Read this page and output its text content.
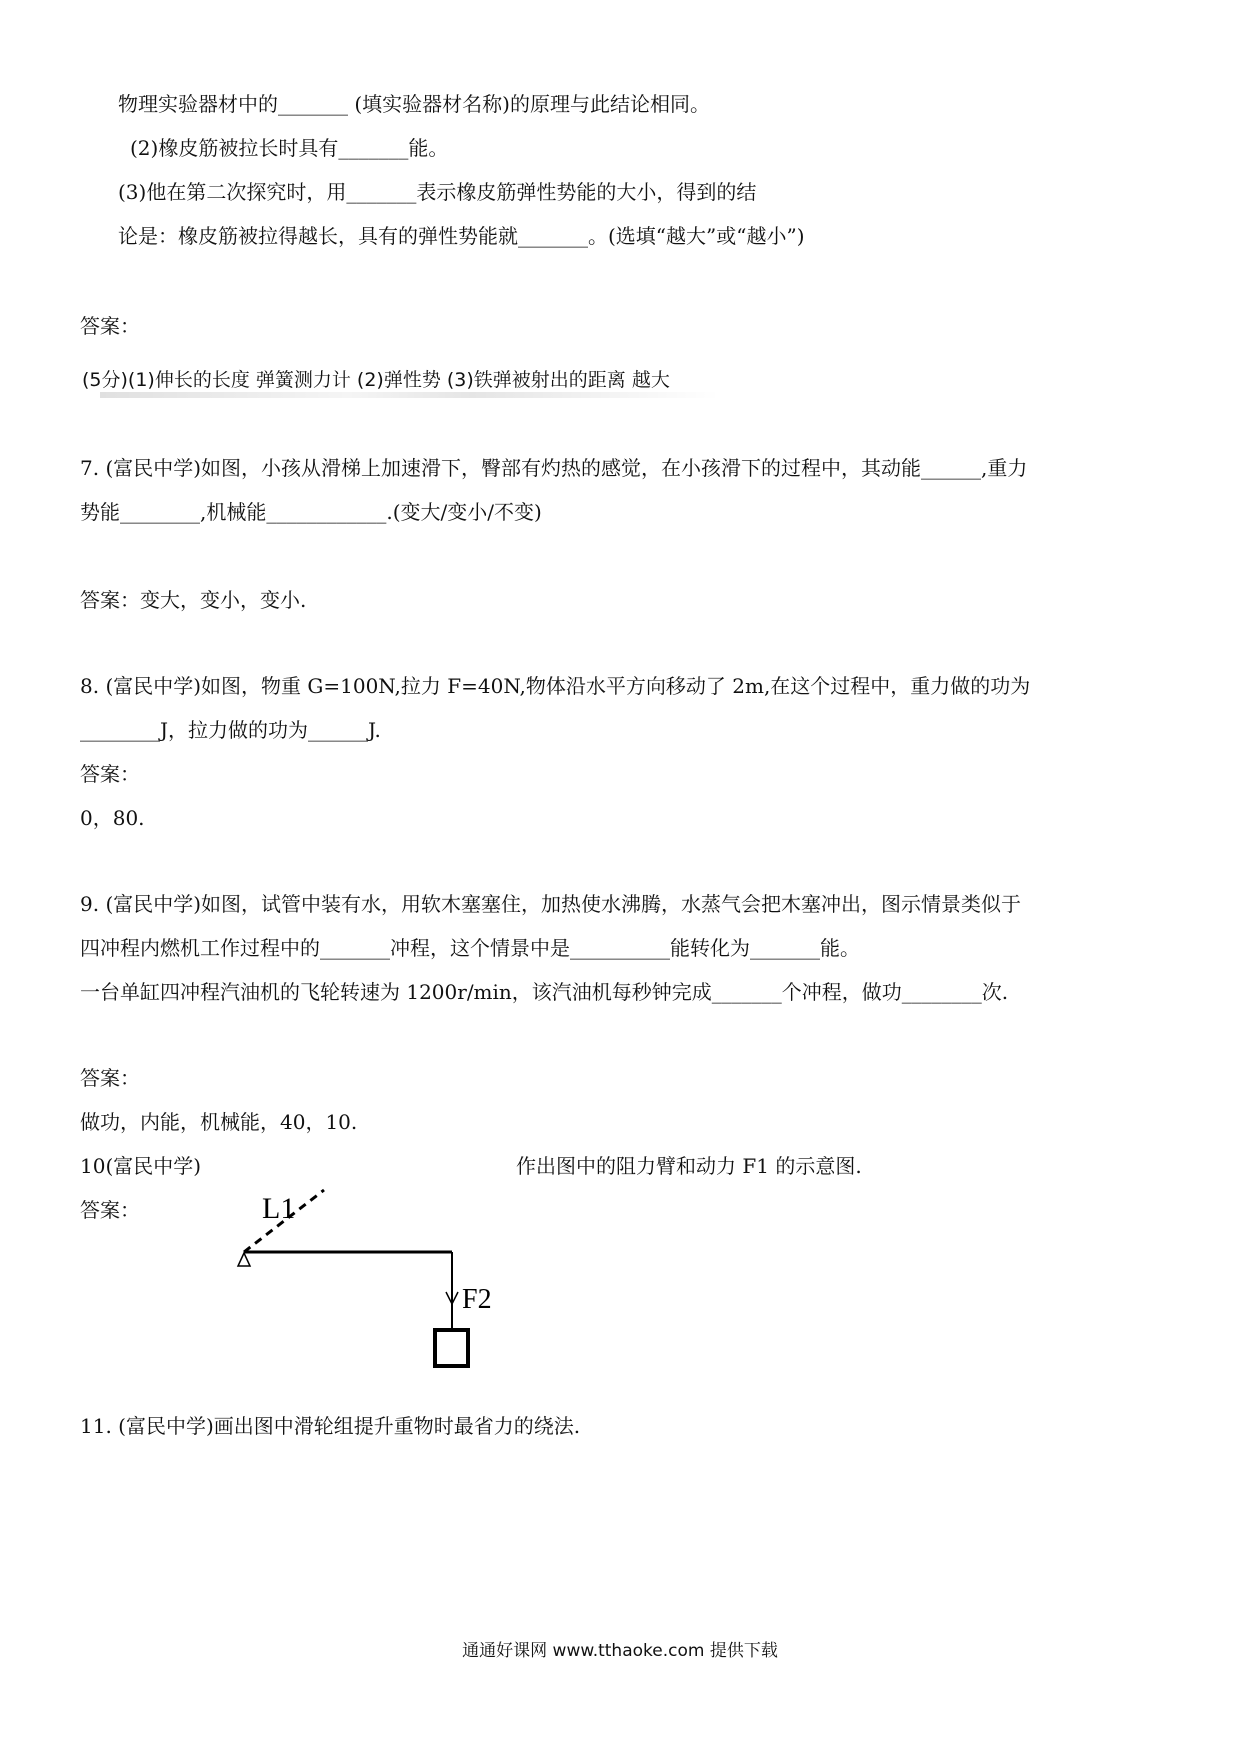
物理实验器材中的_______ (填实验器材名称)的原理与此结论相同。
(2)橡皮筋被拉长时具有_______能。
(3)他在第二次探究时，用_______表示橡皮筋弹性势能的大小，得到的结
论是：橡皮筋被拉得越长，具有的弹性势能就_______。(选填“越大”或“越小”)
答案：
(5分)(1)伸长的长度 弹簧测力计 (2)弹性势 (3)铁弹被射出的距离 越大
7. (富民中学)如图，小孩从滑梯上加速滑下，臀部有灼热的感觉，在小孩滑下的过程中，其动能______,重力
势能________,机械能____________.(变大/变小/不变)
答案：变大，变小，变小.
8. (富民中学)如图，物重 G=100N,拉力 F=40N,物体沿水平方向移动了 2m,在这个过程中，重力做的功为
________J，拉力做的功为______J.
答案：
0，80.
9. (富民中学)如图，试管中装有水，用软木塞塞住，加热使水沸腾，水蒸气会把木塞冲出，图示情景类似于
四冲程内燃机工作过程中的_______冲程，这个情景中是__________能转化为_______能。
一台单缸四冲程汽油机的飞轮转速为 1200r/min，该汽油机每秒钟完成_______个冲程，做功________次.
答案：
做功，内能，机械能，40，10.
10(富民中学)	作出图中的阻力臂和动力 F1 的示意图.
答案：	L1
F2
11. (富民中学)画出图中滑轮组提升重物时最省力的绕法.
通通好课网 www.tthaoke.com 提供下载
